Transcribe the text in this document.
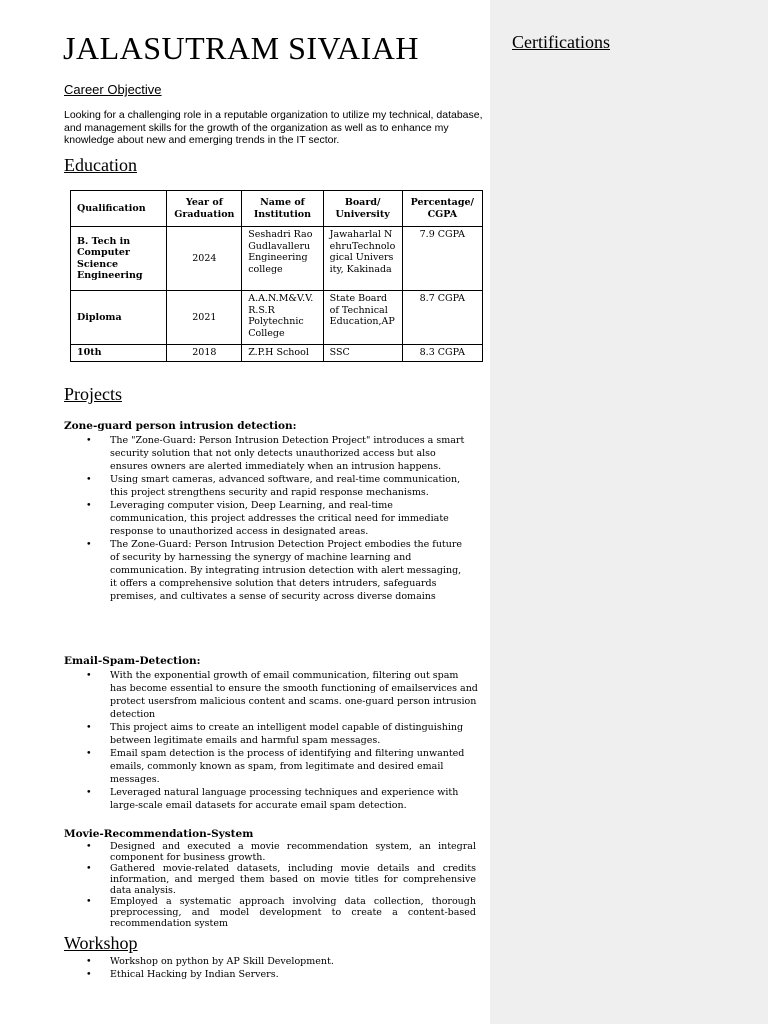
JALASUTRAM SIVAIAH
Career Objective
Looking for a challenging role in a reputable organization to utilize my technical, database, and management skills for the growth of the organization as well as to enhance my knowledge about new and emerging trends in the IT sector.
Education
Qualification	Year of Graduation	Name of Institution	Board/ University	Percentage/ CGPA
B. Tech in Computer Science Engineering	2024	Seshadri Rao Gudlavalleru Engineering college	Jawaharlal NehruTechnological University, Kakinada	7.9 CGPA
Diploma	2021	A.A.N.M&V.V. R.S.R Polytechnic College	State Board of Technical Education,AP	8.7 CGPA
10th	2018	Z.P.H School	SSC	8.3 CGPA
Projects
Zone-guard person intrusion detection:
• The "Zone-Guard: Person Intrusion Detection Project" introduces a smart security solution that not only detects unauthorized access but also ensures owners are alerted immediately when an intrusion happens.
• Using smart cameras, advanced software, and real-time communication, this project strengthens security and rapid response mechanisms.
• Leveraging computer vision, Deep Learning, and real-time communication, this project addresses the critical need for immediate response to unauthorized access in designated areas.
• The Zone-Guard: Person Intrusion Detection Project embodies the future of security by harnessing the synergy of machine learning and communication. By integrating intrusion detection with alert messaging, it offers a comprehensive solution that deters intruders, safeguards premises, and cultivates a sense of security across diverse domains
Email-Spam-Detection:
• With the exponential growth of email communication, filtering out spam has become essential to ensure the smooth functioning of emailservices and protect usersfrom malicious content and scams. one-guard person intrusion detection
• This project aims to create an intelligent model capable of distinguishing between legitimate emails and harmful spam messages.
• Email spam detection is the process of identifying and filtering unwanted emails, commonly known as spam, from legitimate and desired email messages.
• Leveraged natural language processing techniques and experience with large-scale email datasets for accurate email spam detection.
Movie-Recommendation-System
• Designed and executed a movie recommendation system, an integral component for business growth.
• Gathered movie-related datasets, including movie details and credits information, and merged them based on movie titles for comprehensive data analysis.
• Employed a systematic approach involving data collection, thorough preprocessing, and model development to create a content-based recommendation system
Workshop
• Workshop on python by AP Skill Development.
• Ethical Hacking by Indian Servers.
Certifications
